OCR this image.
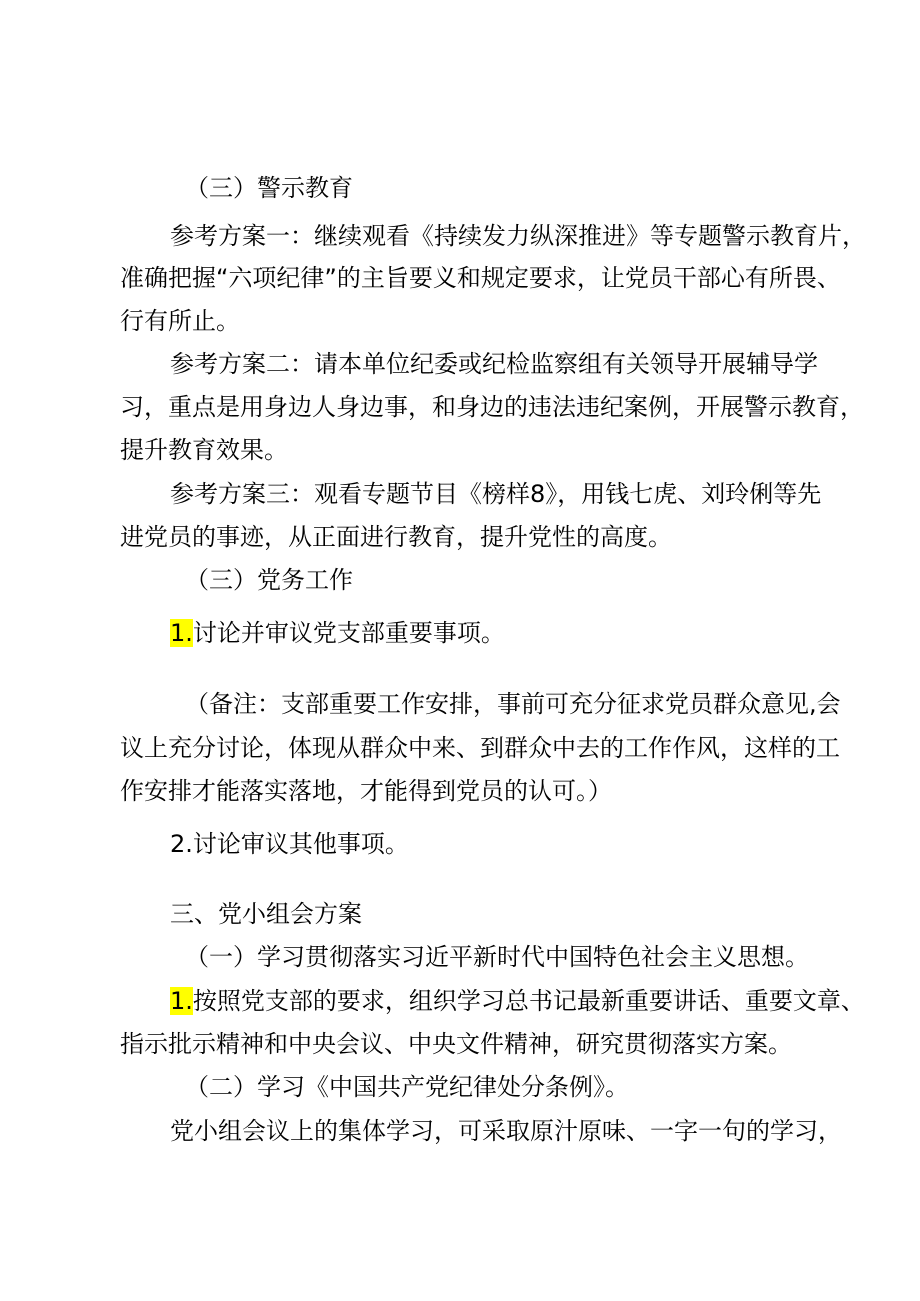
（三）警示教育
参考方案一：继续观看《持续发力纵深推进》等专题警示教育片，
准确把握“六项纪律”的主旨要义和规定要求，让党员干部心有所畏、
行有所止。
参考方案二：请本单位纪委或纪检监察组有关领导开展辅导学
习，重点是用身边人身边事，和身边的违法违纪案例，开展警示教育，
提升教育效果。
参考方案三：观看专题节目《榜样8》，用钱七虎、刘玲俐等先
进党员的事迹，从正面进行教育，提升党性的高度。
（三）党务工作
1.讨论并审议党支部重要事项。
（备注：支部重要工作安排，事前可充分征求党员群众意见,会
议上充分讨论，体现从群众中来、到群众中去的工作作风，这样的工
作安排才能落实落地，才能得到党员的认可。）
2.讨论审议其他事项。
三、党小组会方案
（一）学习贯彻落实习近平新时代中国特色社会主义思想。
1.按照党支部的要求，组织学习总书记最新重要讲话、重要文章、
指示批示精神和中央会议、中央文件精神，研究贯彻落实方案。
（二）学习《中国共产党纪律处分条例》。
党小组会议上的集体学习，可采取原汁原味、一字一句的学习，
